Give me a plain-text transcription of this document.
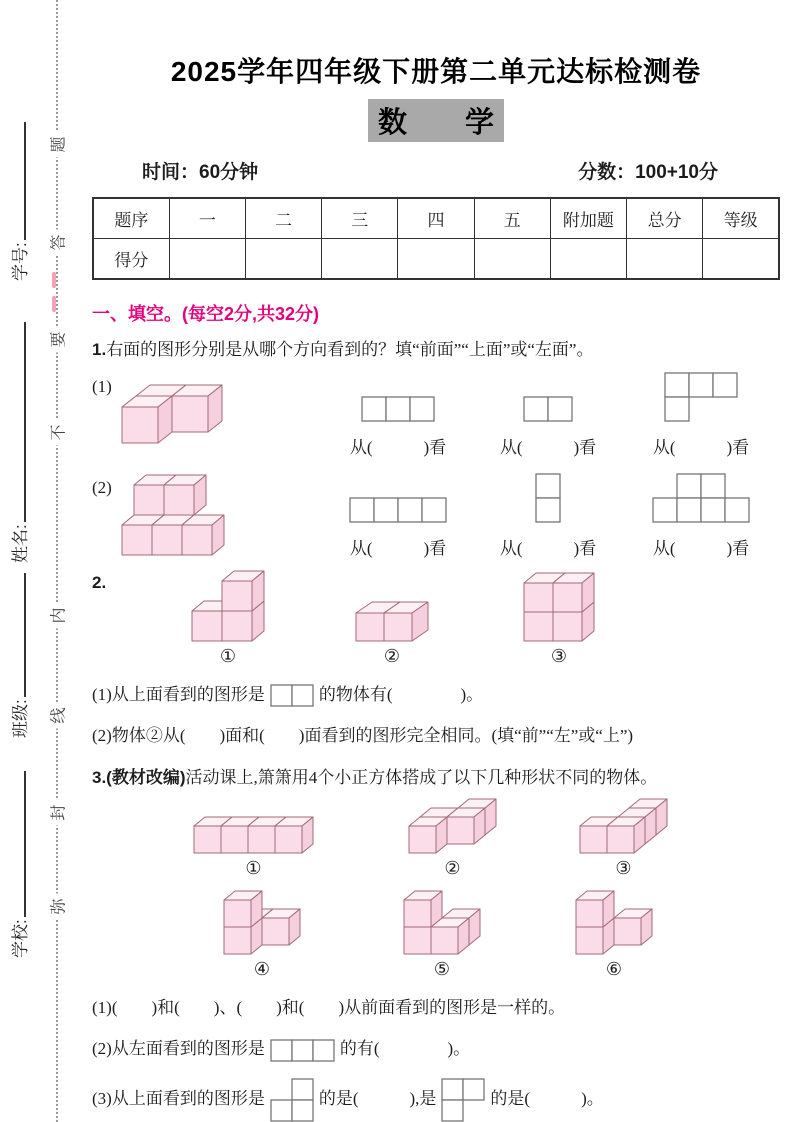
题
答
要
不
内
线
封
弥
学号:
姓名:
班级:
学校:
2025学年四年级下册第二单元达标检测卷
数　　学
时间：60分钟	分数：100+10分
题序	一	二	三	四	五	附加题	总分	等级
得分								
一、填空。(每空2分,共32分)

1.右面的图形分别是从哪个方向看到的？填“前面”“上面”或“左面”。

(1)
从(　　　)看	从(　　　)看	从(　　　)看
(2)
从(　　　)看	从(　　　)看	从(　　　)看
2.
①	②	③

(1)从上面看到的图形是	的物体有(　　　　)。

(2)物体②从(　　)面和(　　)面看到的图形完全相同。(填“前”“左”或“上”)

3.(教材改编)活动课上,箫箫用4个小正方体搭成了以下几种形状不同的物体。

①	②	③
④	⑤	⑥

(1)(　　)和(　　)、(　　)和(　　)从前面看到的图形是一样的。

(2)从左面看到的图形是	的有(　　　　)。

(3)从上面看到的图形是	的是(　　　),是	的是(　　　)。
